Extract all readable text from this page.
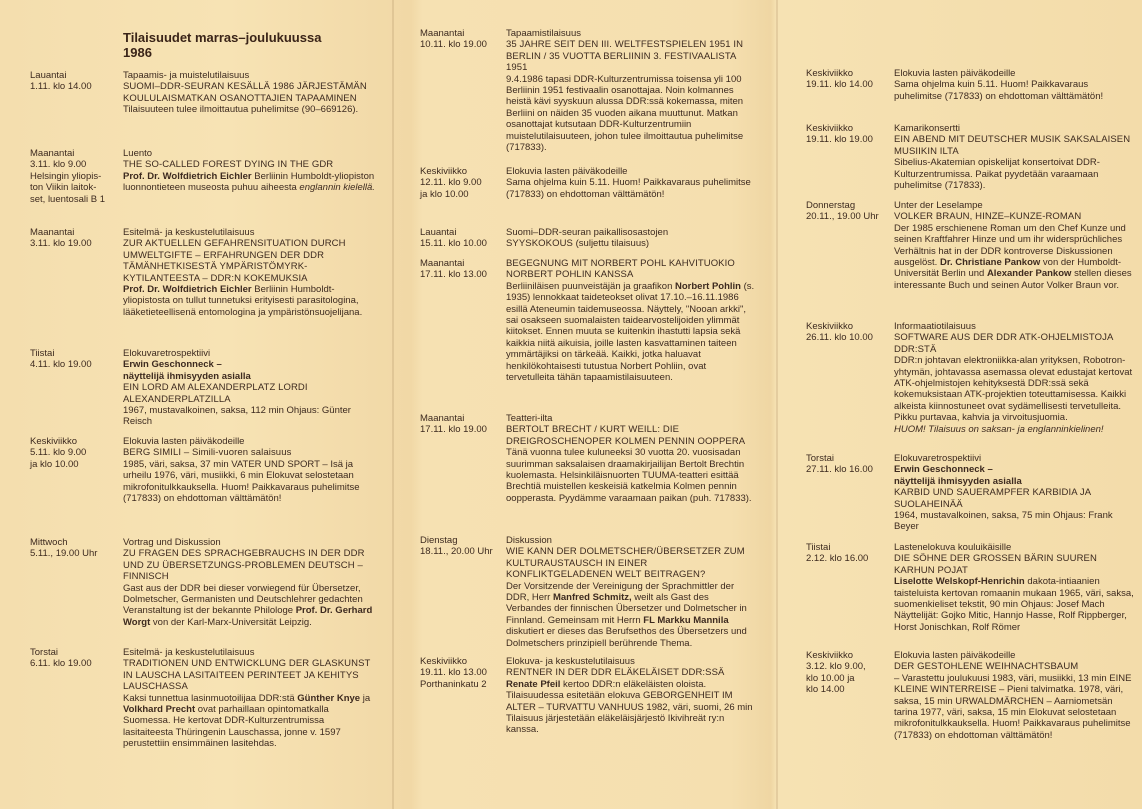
Tilaisuudet marras–joulukuussa 1986
Lauantai
1.11. klo 14.00
Tapaamis- ja muistelutilaisuus
SUOMI–DDR-SEURAN KESÄLLÄ 1986 JÄRJESTÄMÄN KOULULAISMATKAN OSANOTTAJIEN TAPAAMINEN
Tilaisuuteen tulee ilmoittautua puhelimitse (90–669126).
Maanantai
3.11. klo 9.00
Helsingin yliopis-
ton Viikin laitok-
set, luentosali B 1
Luento
THE SO-CALLED FOREST DYING IN THE GDR
Prof. Dr. Wolfdietrich Eichler Berliinin Humboldt-yliopiston luonnontieteen museosta puhuu aiheesta englannin kielellä.
Maanantai
3.11. klo 19.00
Esitelmä- ja keskustelutilaisuus
ZUR AKTUELLEN GEFAHRENSITUATION DURCH UMWELTGIFTE – ERFAHRUNGEN DER DDR TÄMÄNHETKISESTÄ YMPÄRISTÖMYRK-KYTILANTEESTA – DDR:N KOKEMUKSIA
Prof. Dr. Wolfdietrich Eichler Berliinin Humboldt-yliopistosta on tullut tunnetuksi erityisesti parasitologina, lääketieteellisenä entomologina ja ympäristönsuojelijana.
Tiistai
4.11. klo 19.00
Elokuvaretrospektiivi
Erwin Geschonneck –
näyttelijä ihmisyyden asialla
EIN LORD AM ALEXANDERPLATZ LORDI ALEXANDERPLATZILLA
1967, mustavalkoinen, saksa, 112 min Ohjaus: Günter Reisch
Keskiviikko
5.11. klo 9.00
ja klo 10.00
Elokuvia lasten päiväkodeille
BERG SIMILI – Simili-vuoren salaisuus
1985, väri, saksa, 37 min VATER UND SPORT – Isä ja urheilu 1976, väri, musiikki, 6 min Elokuvat selostetaan mikrofonitulkkauksella. Huom! Paikkavaraus puhelimitse (717833) on ehdottoman välttämätön!
Mittwoch
5.11., 19.00 Uhr
Vortrag und Diskussion
ZU FRAGEN DES SPRACHGEBRAUCHS IN DER DDR UND ZU ÜBERSETZUNGS-PROBLEMEN DEUTSCH – FINNISCH
Gast aus der DDR bei dieser vorwiegend für Übersetzer, Dolmetscher, Germanisten und Deutschlehrer gedachten Veranstaltung ist der bekannte Philologe Prof. Dr. Gerhard Worgt von der Karl-Marx-Universität Leipzig.
Torstai
6.11. klo 19.00
Esitelmä- ja keskustelutilaisuus
TRADITIONEN UND ENTWICKLUNG DER GLASKUNST IN LAUSCHA LASITAITEEN PERINTEET JA KEHITYS LAUSCHASSA
Kaksi tunnettua lasinmuotoilijaa DDR:stä Günther Knye ja Volkhard Precht ovat parhaillaan opintomatkalla Suomessa. He kertovat DDR-Kulturzentrumissa lasitaiteesta Thüringenin Lauschassa, jonne v. 1597 perustettiin ensimmäinen lasitehdas.
Maanantai
10.11. klo 19.00
Tapaamistilaisuus
35 JAHRE SEIT DEN III. WELTFESTSPIELEN 1951 IN BERLIN / 35 VUOTTA BERLIININ 3. FESTIVAALISTA 1951
9.4.1986 tapasi DDR-Kulturzentrumissa toisensa yli 100 Berliinin 1951 festivaalin osanottajaa. Noin kolmannes heistä kävi syyskuun alussa DDR:ssä kokemassa, miten Berliini on näiden 35 vuoden aikana muuttunut. Matkan osanottajat kutsutaan DDR-Kulturzentrumiin muistelutilaisuuteen, johon tulee ilmoittautua puhelimitse (717833).
Keskiviikko
12.11. klo 9.00
ja klo 10.00
Elokuvia lasten päiväkodeille
Sama ohjelma kuin 5.11. Huom! Paikkavaraus puhelimitse (717833) on ehdottoman välttämätön!
Lauantai
15.11. klo 10.00
Suomi–DDR-seuran paikallisosastojen
SYYSKOKOUS (suljettu tilaisuus)
Maanantai
17.11. klo 13.00
BEGEGNUNG MIT NORBERT POHL KAHVITUOKIO NORBERT POHLIN KANSSA
Berliiniläisen puunveistäjän ja graafikon Norbert Pohlin (s. 1935) lennokkaat taideteokset olivat 17.10.–16.11.1986 esillä Ateneumin taidemuseossa. Näyttely, "Nooan arkki", sai osakseen suomalaisten taidearvostelijoiden ylimmät kiitokset. Ennen muuta se kuitenkin ihastutti lapsia sekä kaikkia niitä aikuisia, joille lasten kasvattaminen taiteen ymmärtäjiksi on tärkeää. Kaikki, jotka haluavat henkilökohtaisesti tutustua Norbert Pohliin, ovat tervetulleita tähän tapaamistilaisuuteen.
Maanantai
17.11. klo 19.00
Teatteri-ilta
BERTOLT BRECHT / KURT WEILL: DIE DREIGROSCHENOPER KOLMEN PENNIN OOPPERA
Tänä vuonna tulee kuluneeksi 30 vuotta 20. vuosisadan suurimman saksalaisen draamakirjailijan Bertolt Brechtin kuolemasta. Helsinkiläisnuorten TUUMA-teatteri esittää Brechtiä muistellen keskeisiä katkelmia Kolmen pennin oopperasta. Pyydämme varaamaan paikan (puh. 717833).
Dienstag
18.11., 20.00 Uhr
Diskussion
WIE KANN DER DOLMETSCHER/ÜBERSETZER ZUM KULTURAUSTAUSCH IN EINER KONFLIKTGELADENEN WELT BEITRAGEN?
Der Vorsitzende der Vereinigung der Sprachmittler der DDR, Herr Manfred Schmitz, weilt als Gast des Verbandes der finnischen Übersetzer und Dolmetscher in Finnland. Gemeinsam mit Herrn FL Markku Mannila diskutiert er dieses das Berufsethos des Übersetzers und Dolmetschers prinzipiell berührende Thema.
Keskiviikko
19.11. klo 13.00
Porthaninkatu 2
Elokuva- ja keskustelutilaisuus
RENTNER IN DER DDR ELÄKELÄISET DDR:SSÄ
Renate Pfeil kertoo DDR:n eläkeläisten oloista. Tilaisuudessa esitetään elokuva GEBORGENHEIT IM ALTER – TURVATTU VANHUUS 1982, väri, suomi, 26 min Tilaisuus järjestetään eläkeläisjärjestö Ikivihreät ry:n kanssa.
Keskiviikko
19.11. klo 14.00
Elokuvia lasten päiväkodeille
Sama ohjelma kuin 5.11. Huom! Paikkavaraus puhelimitse (717833) on ehdottoman välttämätön!
Keskiviikko
19.11. klo 19.00
Kamarikonsertti
EIN ABEND MIT DEUTSCHER MUSIK SAKSALAISEN MUSIIKIN ILTA
Sibelius-Akatemian opiskelijat konsertoivat DDR-Kulturzentrumissa. Paikat pyydetään varaamaan puhelimitse (717833).
Donnerstag
20.11., 19.00 Uhr
Unter der Leselampe
VOLKER BRAUN, HINZE–KUNZE-ROMAN
Der 1985 erschienene Roman um den Chef Kunze und seinen Kraftfahrer Hinze und um ihr widersprüchliches Verhältnis hat in der DDR kontroverse Diskussionen ausgelöst. Dr. Christiane Pankow von der Humboldt-Universität Berlin und Alexander Pankow stellen dieses interessante Buch und seinen Autor Volker Braun vor.
Keskiviikko
26.11. klo 10.00
Informaatiotilaisuus
SOFTWARE AUS DER DDR ATK-OHJELMISTOJA DDR:STÄ
DDR:n johtavan elektroniikka-alan yrityksen, Robotron-yhtymän, johtavassa asemassa olevat edustajat kertovat ATK-ohjelmistojen kehityksestä DDR:ssä sekä kokemuksistaan ATK-projektien toteuttamisessa. Kaikki alkeista kiinnostuneet ovat sydämellisesti tervetulleita. Pikku purtavaa, kahvia ja virvoitusjuomia.
HUOM! Tilaisuus on saksan- ja englanninkielinen!
Torstai
27.11. klo 16.00
Elokuvaretrospektiivi
Erwin Geschonneck –
näyttelijä ihmisyyden asialla
KARBID UND SAUERAMPFER KARBIDIA JA SUOLAHEINÄÄ
1964, mustavalkoinen, saksa, 75 min Ohjaus: Frank Beyer
Tiistai
2.12. klo 16.00
Lastenelokuva kouluikäisille
DIE SÖHNE DER GROSSEN BÄRIN SUUREN KARHUN POJAT
Liselotte Welskopf-Henrichin dakota-intiaanien taisteluista kertovan romaanin mukaan 1965, väri, saksa, suomenkieliset tekstit, 90 min Ohjaus: Josef Mach Näyttelijät: Gojko Mitic, Hannjo Hasse, Rolf Rippberger, Horst Jonischkan, Rolf Römer
Keskiviikko
3.12. klo 9.00,
klo 10.00 ja
klo 14.00
Elokuvia lasten päiväkodeille
DER GESTOHLENE WEIHNACHTSBAUM
– Varastettu joulukuusi 1983, väri, musiikki, 13 min EINE KLEINE WINTERREISE – Pieni talvimatka. 1978, väri, saksa, 15 min URWALDMÄRCHEN – Aarniometsän tarina 1977, väri, saksa, 15 min Elokuvat selostetaan mikrofonitulkkauksella. Huom! Paikkavaraus puhelimitse (717833) on ehdottoman välttämätön!
